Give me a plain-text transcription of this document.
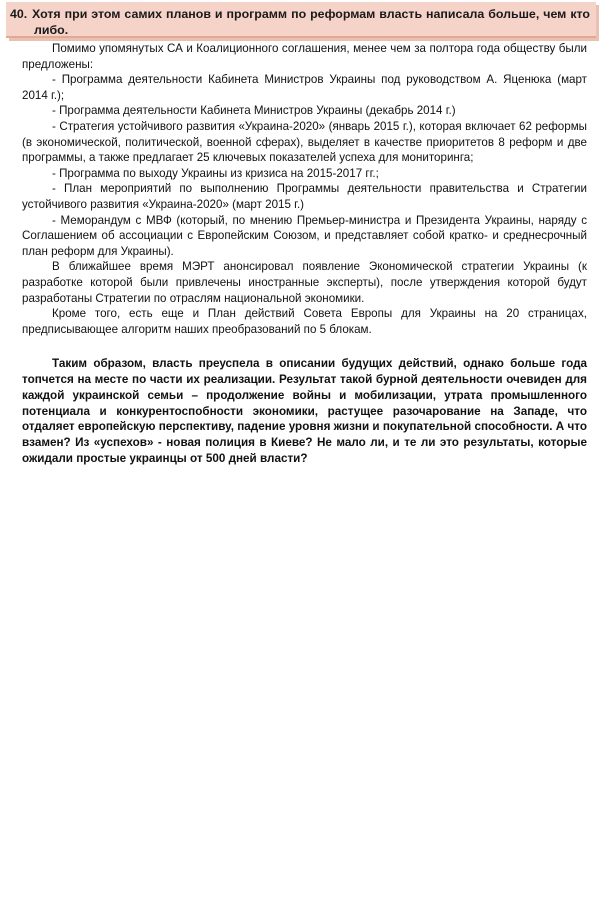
40. Хотя при этом самих планов и программ по реформам власть написала больше, чем кто либо.

Помимо упомянутых СА и Коалиционного соглашения, менее чем за полтора года обществу были предложены:

- Программа деятельности Кабинета Министров Украины под руководством А. Яценюка (март 2014 г.);

- Программа деятельности Кабинета Министров Украины (декабрь 2014 г.)

- Стратегия устойчивого развития «Украина-2020» (январь 2015 г.), которая включает 62 реформы (в экономической, политической, военной сферах), выделяет в качестве приоритетов 8 реформ и две программы, а также предлагает 25 ключевых показателей успеха для мониторинга;

- Программа по выходу Украины из кризиса на 2015-2017 гг.;

- План мероприятий по выполнению Программы деятельности правительства и Стратегии устойчивого развития «Украина-2020» (март 2015 г.)

- Меморандум с МВФ (который, по мнению Премьер-министра и Президента Украины, наряду с Соглашением об ассоциации с Европейским Союзом, и представляет собой кратко- и среднесрочный план реформ для Украины).

В ближайшее время МЭРТ анонсировал появление Экономической стратегии Украины (к разработке которой были привлечены иностранные эксперты), после утверждения которой будут разработаны Стратегии по отраслям национальной экономики.

Кроме того, есть еще и План действий Совета Европы для Украины на 20 страницах, предписывающее алгоритм наших преобразований по 5 блокам.

Таким образом, власть преуспела в описании будущих действий, однако больше года топчется на месте по части их реализации. Результат такой бурной деятельности очевиден для каждой украинской семьи – продолжение войны и мобилизации, утрата промышленного потенциала и конкурентоспобности экономики, растущее разочарование на Западе, что отдаляет европейскую перспективу, падение уровня жизни и покупательной способности. А что взамен? Из «успехов» - новая полиция в Киеве? Не мало ли, и те ли это результаты, которые ожидали простые украинцы от 500 дней власти?
